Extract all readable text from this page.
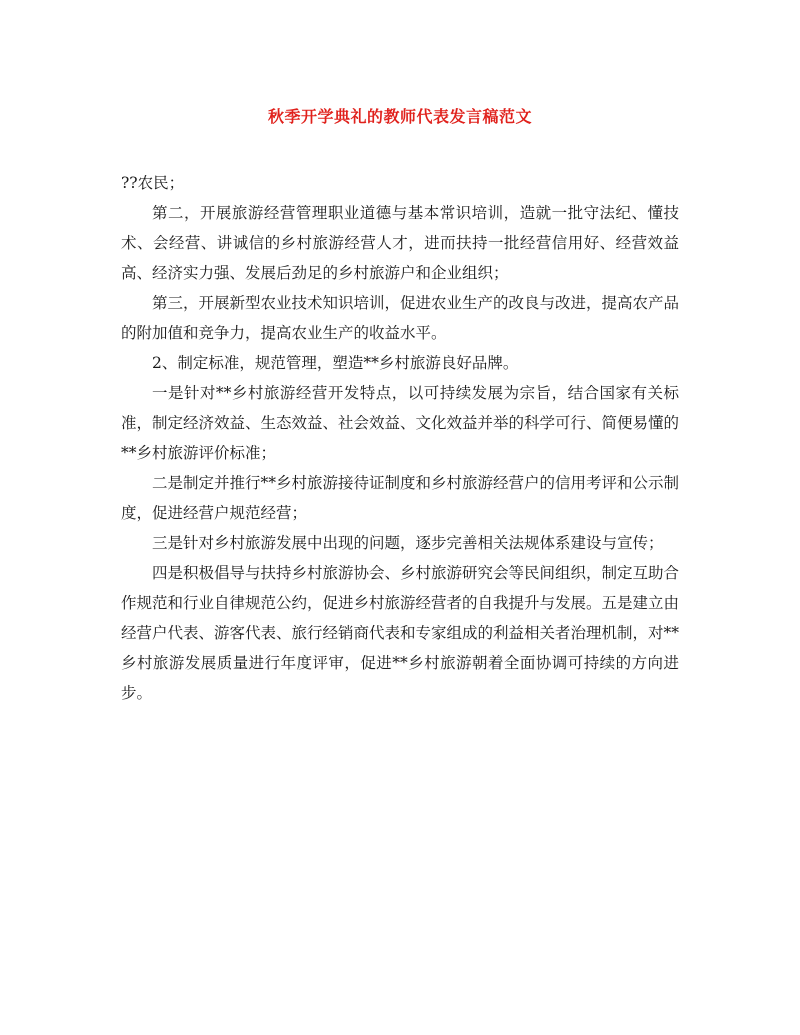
秋季开学典礼的教师代表发言稿范文

??农民；

第二，开展旅游经营管理职业道德与基本常识培训，造就一批守法纪、懂技术、会经营、讲诚信的乡村旅游经营人才，进而扶持一批经营信用好、经营效益高、经济实力强、发展后劲足的乡村旅游户和企业组织；

第三，开展新型农业技术知识培训，促进农业生产的改良与改进，提高农产品的附加值和竞争力，提高农业生产的收益水平。

2、制定标准，规范管理，塑造**乡村旅游良好品牌。

一是针对**乡村旅游经营开发特点，以可持续发展为宗旨，结合国家有关标准，制定经济效益、生态效益、社会效益、文化效益并举的科学可行、简便易懂的**乡村旅游评价标准；

二是制定并推行**乡村旅游接待证制度和乡村旅游经营户的信用考评和公示制度，促进经营户规范经营；

三是针对乡村旅游发展中出现的问题，逐步完善相关法规体系建设与宣传；

四是积极倡导与扶持乡村旅游协会、乡村旅游研究会等民间组织，制定互助合作规范和行业自律规范公约，促进乡村旅游经营者的自我提升与发展。五是建立由经营户代表、游客代表、旅行经销商代表和专家组成的利益相关者治理机制，对**乡村旅游发展质量进行年度评审，促进**乡村旅游朝着全面协调可持续的方向进步。
